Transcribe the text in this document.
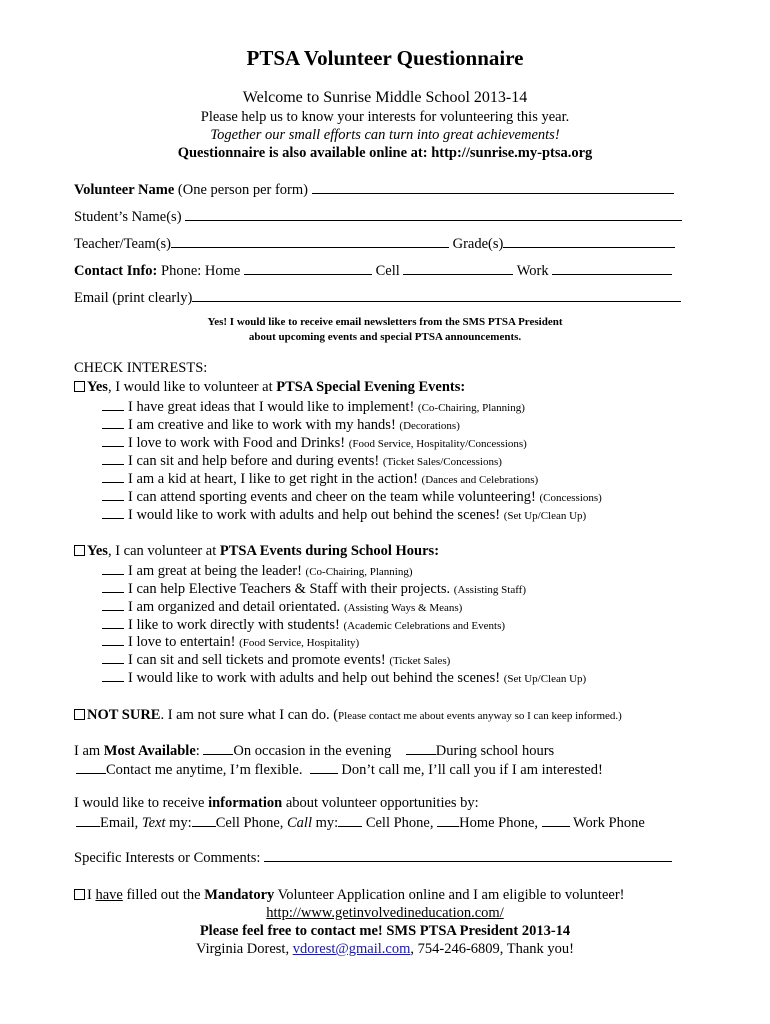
PTSA Volunteer Questionnaire
Welcome to Sunrise Middle School 2013-14
Please help us to know your interests for volunteering this year.
Together our small efforts can turn into great achievements!
Questionnaire is also available online at: http://sunrise.my-ptsa.org
Volunteer Name (One person per form)
Student’s Name(s)
Teacher/Team(s)	Grade(s)
Contact Info: Phone: Home	Cell	Work
Email (print clearly)
Yes! I would like to receive email newsletters from the SMS PTSA President
about upcoming events and special PTSA announcements.
CHECK INTERESTS:
Yes, I would like to volunteer at PTSA Special Evening Events:
I have great ideas that I would like to implement! (Co-Chairing, Planning)
I am creative and like to work with my hands! (Decorations)
I love to work with Food and Drinks! (Food Service, Hospitality/Concessions)
I can sit and help before and during events! (Ticket Sales/Concessions)
I am a kid at heart, I like to get right in the action! (Dances and Celebrations)
I can attend sporting events and cheer on the team while volunteering! (Concessions)
I would like to work with adults and help out behind the scenes! (Set Up/Clean Up)
Yes, I can volunteer at PTSA Events during School Hours:
I am great at being the leader! (Co-Chairing, Planning)
I can help Elective Teachers & Staff with their projects. (Assisting Staff)
I am organized and detail orientated. (Assisting Ways & Means)
I like to work directly with students! (Academic Celebrations and Events)
I love to entertain! (Food Service, Hospitality)
I can sit and sell tickets and promote events! (Ticket Sales)
I would like to work with adults and help out behind the scenes! (Set Up/Clean Up)
NOT SURE. I am not sure what I can do. (Please contact me about events anyway so I can keep informed.)
I am Most Available: On occasion in the evening	During school hours
Contact me anytime, I’m flexible.   Don’t call me, I’ll call you if I am interested!
I would like to receive information about volunteer opportunities by:
Email, Text my: Cell Phone, Call my: Cell Phone, Home Phone,  Work Phone
Specific Interests or Comments:
I have filled out the Mandatory Volunteer Application online and I am eligible to volunteer!
http://www.getinvolvedineducation.com/
Please feel free to contact me! SMS PTSA President 2013-14
Virginia Dorest, vdorest@gmail.com, 754-246-6809, Thank you!
